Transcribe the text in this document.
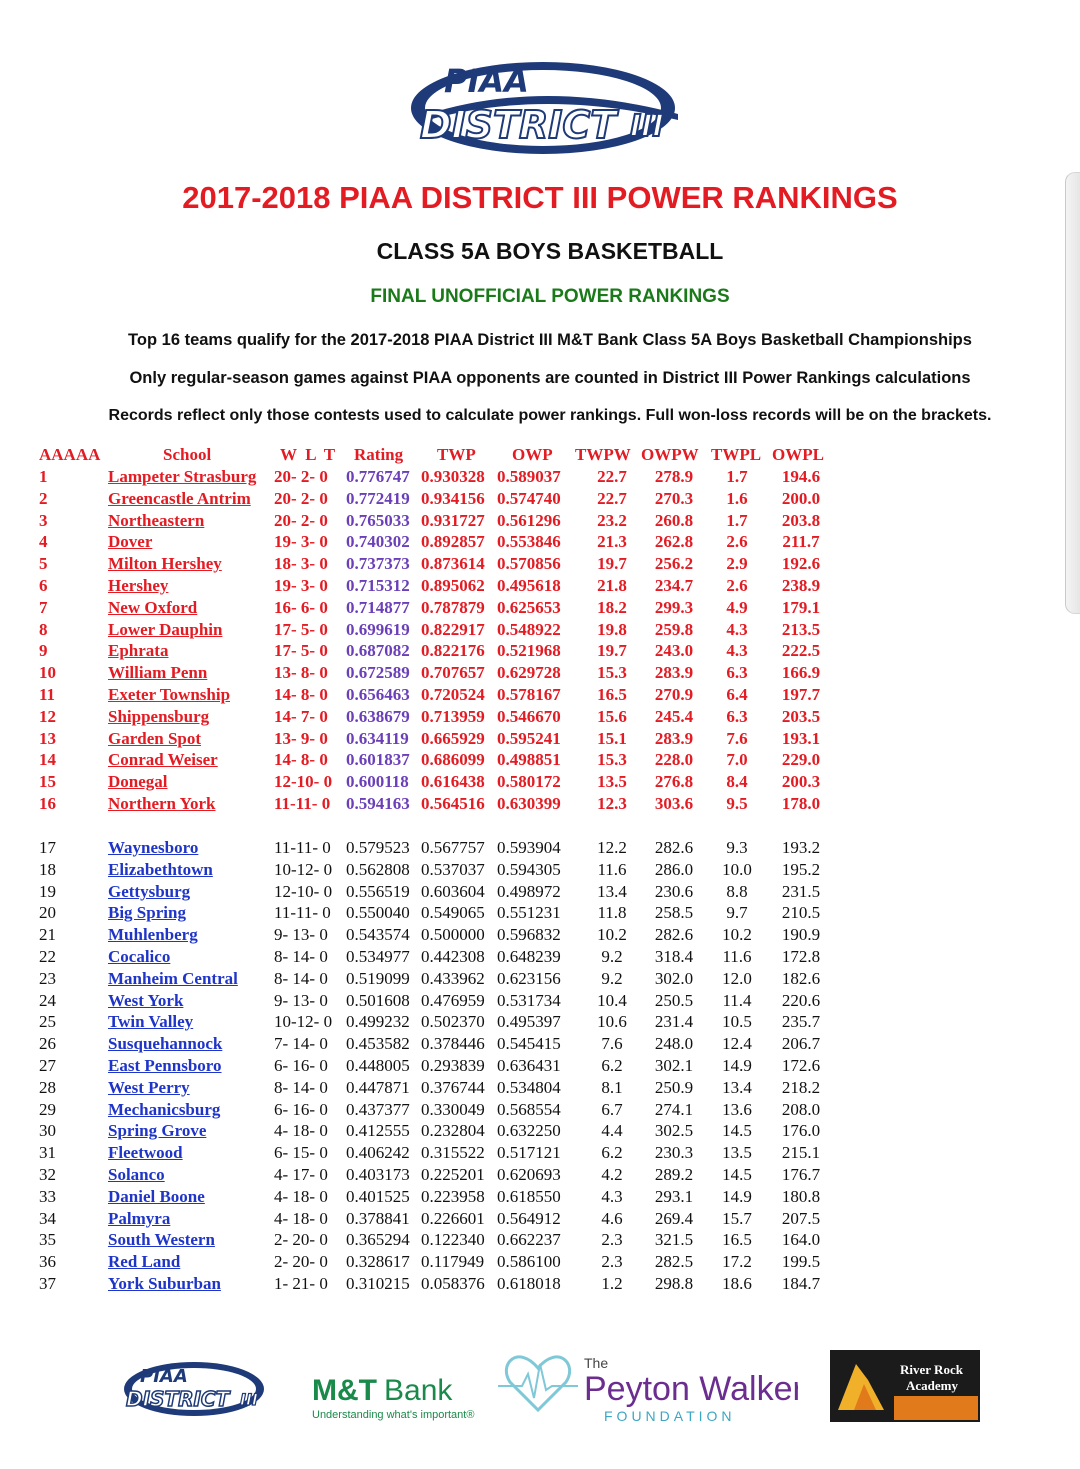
PIAA
DISTRICT III
2017-2018 PIAA DISTRICT III POWER RANKINGS
CLASS 5A BOYS BASKETBALL
FINAL UNOFFICIAL POWER RANKINGS
Top 16 teams qualify for the 2017-2018 PIAA District III M&T Bank Class 5A Boys Basketball Championships
Only regular-season games against PIAA opponents are counted in District III Power Rankings calculations
Records reflect only those contests used to calculate power rankings. Full won-loss records will be on the brackets.
AAAAA	School	W  L  T Rating TWP OWP TWPW OWPW TWPL OWPL
1	Lampeter Strasburg 20- 2- 0 0.776747 0.930328 0.589037	22.7	278.9	1.7	194.6
2	Greencastle Antrim 20- 2- 0 0.772419 0.934156 0.574740	22.7	270.3	1.6	200.0
3	Northeastern	20- 2- 0 0.765033 0.931727 0.561296	23.2	260.8	1.7	203.8
4	Dover	19- 3- 0 0.740302 0.892857 0.553846	21.3	262.8	2.6	211.7
5	Milton Hershey	18- 3- 0 0.737373 0.873614 0.570856	19.7	256.2	2.9	192.6
6	Hershey	19- 3- 0 0.715312 0.895062 0.495618	21.8	234.7	2.6	238.9
7	New Oxford	16- 6- 0 0.714877 0.787879 0.625653	18.2	299.3	4.9	179.1
8	Lower Dauphin	17- 5- 0 0.699619 0.822917 0.548922	19.8	259.8	4.3	213.5
9	Ephrata	17- 5- 0 0.687082 0.822176 0.521968	19.7	243.0	4.3	222.5
10	William Penn	13- 8- 0 0.672589 0.707657 0.629728	15.3	283.9	6.3	166.9
11	Exeter Township	14- 8- 0 0.656463 0.720524 0.578167	16.5	270.9	6.4	197.7
12	Shippensburg	14- 7- 0 0.638679 0.713959 0.546670	15.6	245.4	6.3	203.5
13	Garden Spot	13- 9- 0 0.634119 0.665929 0.595241	15.1	283.9	7.6	193.1
14	Conrad Weiser	14- 8- 0 0.601837 0.686099 0.498851	15.3	228.0	7.0	229.0
15	Donegal	12-10- 0 0.600118 0.616438 0.580172	13.5	276.8	8.4	200.3
16	Northern York	11-11- 0 0.594163 0.564516 0.630399	12.3	303.6	9.5	178.0
17	Waynesboro	11-11- 0 0.579523 0.567757 0.593904	12.2	282.6	9.3	193.2
18	Elizabethtown	10-12- 0 0.562808 0.537037 0.594305	11.6	286.0	10.0	195.2
19	Gettysburg	12-10- 0 0.556519 0.603604 0.498972	13.4	230.6	8.8	231.5
20	Big Spring	11-11- 0 0.550040 0.549065 0.551231	11.8	258.5	9.7	210.5
21	Muhlenberg	9- 13- 0 0.543574 0.500000 0.596832	10.2	282.6	10.2	190.9
22	Cocalico	8- 14- 0 0.534977 0.442308 0.648239	9.2	318.4	11.6	172.8
23	Manheim Central 8- 14- 0 0.519099 0.433962 0.623156	9.2	302.0	12.0	182.6
24	West York	9- 13- 0 0.501608 0.476959 0.531734	10.4	250.5	11.4	220.6
25	Twin Valley	10-12- 0 0.499232 0.502370 0.495397	10.6	231.4	10.5	235.7
26	Susquehannock	7- 14- 0 0.453582 0.378446 0.545415	7.6	248.0	12.4	206.7
27	East Pennsboro	6- 16- 0 0.448005 0.293839 0.636431	6.2	302.1	14.9	172.6
28	West Perry	8- 14- 0 0.447871 0.376744 0.534804	8.1	250.9	13.4	218.2
29	Mechanicsburg	6- 16- 0 0.437377 0.330049 0.568554	6.7	274.1	13.6	208.0
30	Spring Grove	4- 18- 0 0.412555 0.232804 0.632250	4.4	302.5	14.5	176.0
31	Fleetwood	6- 15- 0 0.406242 0.315522 0.517121	6.2	230.3	13.5	215.1
32	Solanco	4- 17- 0 0.403173 0.225201 0.620693	4.2	289.2	14.5	176.7
33	Daniel Boone	4- 18- 0 0.401525 0.223958 0.618550	4.3	293.1	14.9	180.8
34	Palmyra	4- 18- 0 0.378841 0.226601 0.564912	4.6	269.4	15.7	207.5
35	South Western	2- 20- 0 0.365294 0.122340 0.662237	2.3	321.5	16.5	164.0
36	Red Land	2- 20- 0 0.328617 0.117949 0.586100	2.3	282.5	17.2	199.5
37	York Suburban	1- 21- 0 0.310215 0.058376 0.618018	1.2	298.8	18.6	184.7
PIAA
DISTRICT III M&T Bank
Understanding what's important®
The
Peyton Walker
FOUNDATION
River Rock
Academy
